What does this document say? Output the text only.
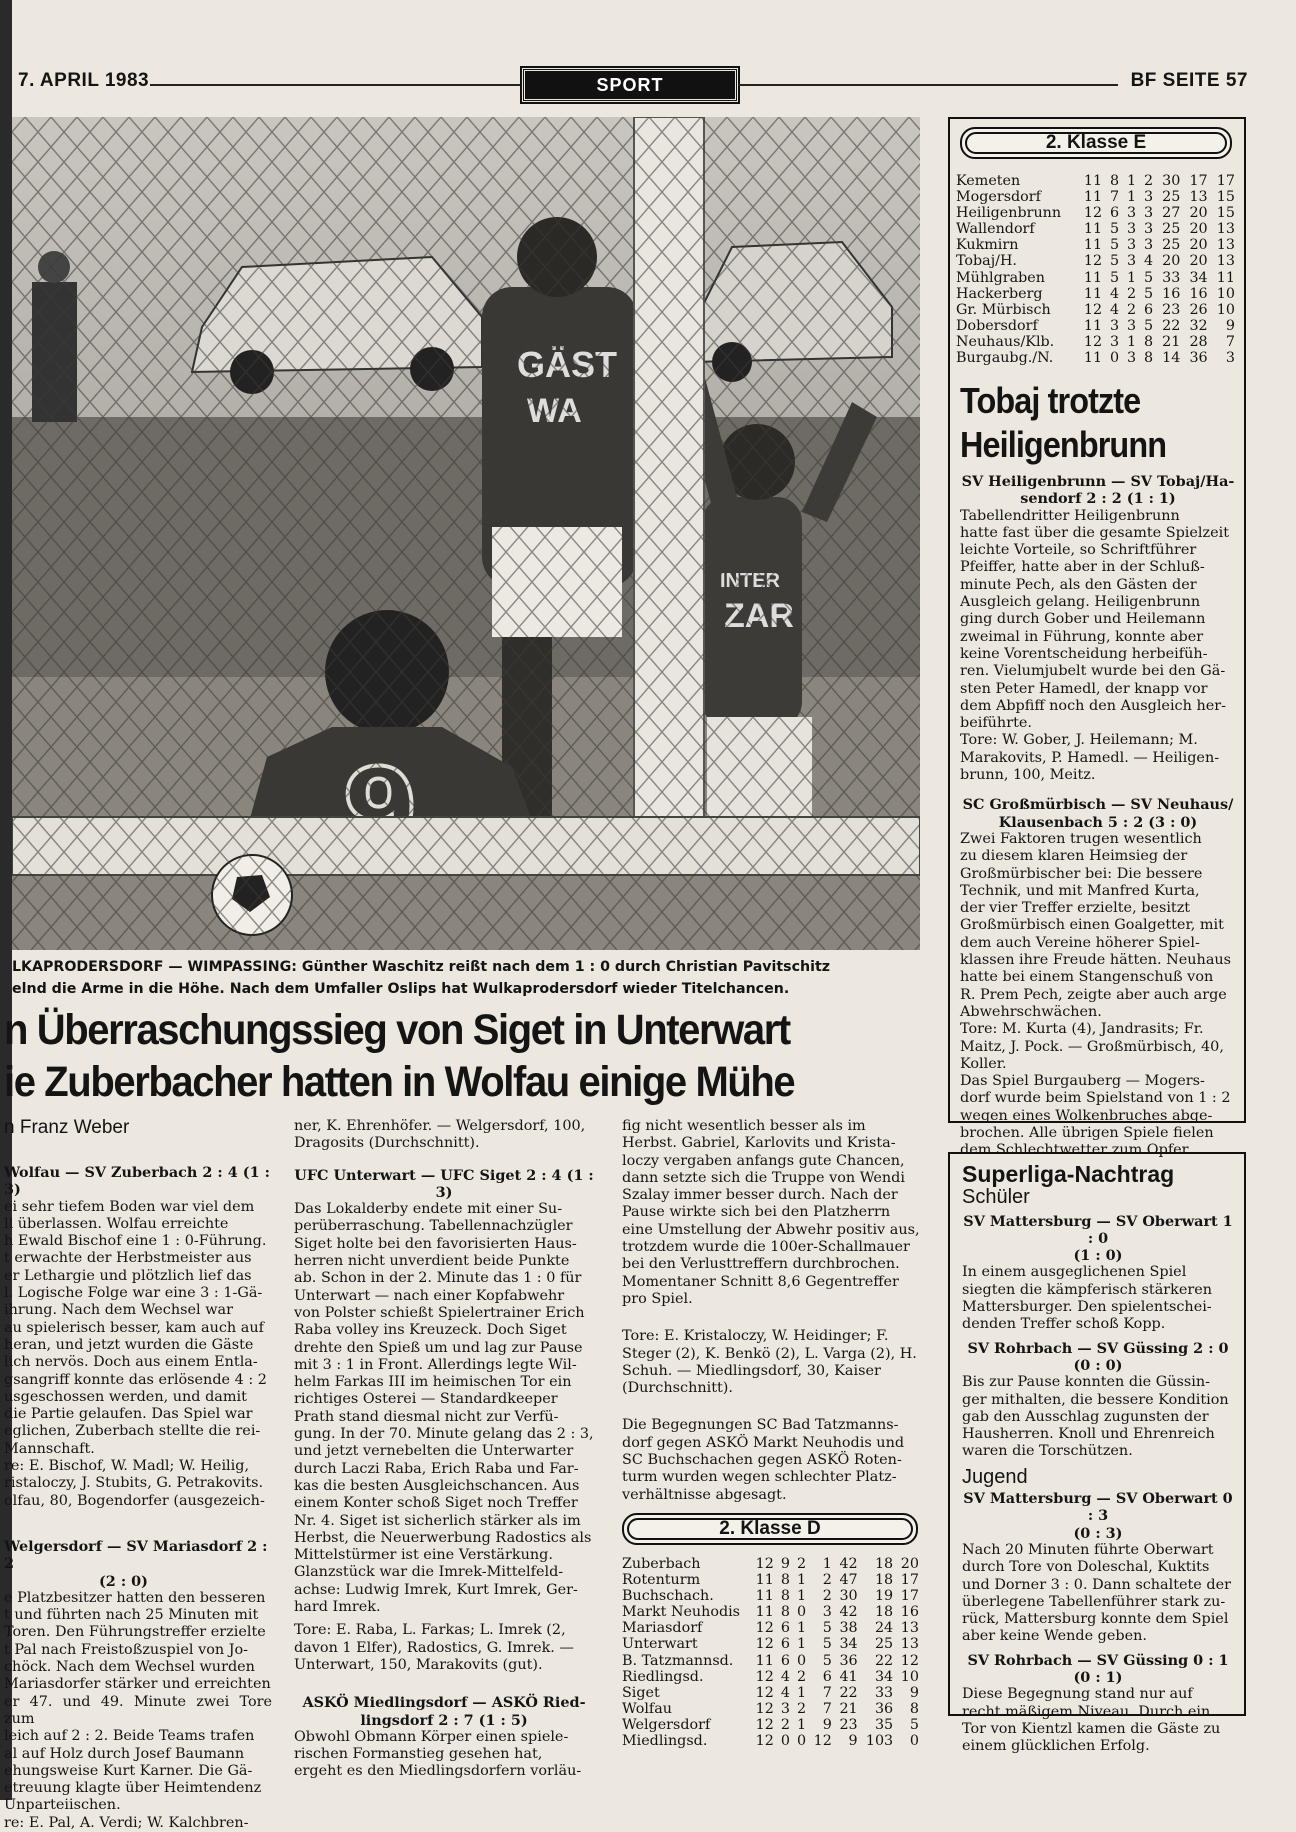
7. APRIL 1983	SPORT	BF SEITE 57
LKAPRODERSDORF — WIMPASSING: Günther Waschitz reißt nach dem 1 : 0 durch Christian Pavitschitz
elnd die Arme in die Höhe. Nach dem Umfaller Oslips hat Wulkaprodersdorf wieder Titelchancen.
n Überraschungssieg von Siget in Unterwart
ie Zuberbacher hatten in Wolfau einige Mühe
n Franz Weber

Wolfau — SV Zuberbach 2 : 4 (1 : 3)

ei sehr tiefem Boden war viel dem
ll überlassen. Wolfau erreichte
h Ewald Bischof eine 1 : 0-Führung.
t erwachte der Herbstmeister aus
er Lethargie und plötzlich lief das
l. Logische Folge war eine 3 : 1-Gä-
ihrung. Nach dem Wechsel war
au spielerisch besser, kam auch auf
heran, und jetzt wurden die Gäste
lich nervös. Doch aus einem Entla-
gsangriff konnte das erlösende 4 : 2
usgeschossen werden, und damit
die Partie gelaufen. Das Spiel war
eglichen, Zuberbach stellte die rei-
Mannschaft.
re: E. Bischof, W. Madl; W. Heilig,
ristaloczy, J. Stubits, G. Petrakovits.
olfau, 80, Bogendorfer (ausgezeich-

Welgersdorf — SV Mariasdorf 2 : 2

(2 : 0)

e Platzbesitzer hatten den besseren
t und führten nach 25 Minuten mit
Toren. Den Führungstreffer erzielte
t Pal nach Freistoßzuspiel von Jo-
chöck. Nach dem Wechsel wurden
Mariasdorfer stärker und erreichten
er 47. und 49. Minute zwei Tore zum
leich auf 2 : 2. Beide Teams trafen
al auf Holz durch Josef Baumann
ehungsweise Kurt Karner. Die Gä-
etreuung klagte über Heimtendenz
Unparteiischen.
re: E. Pal, A. Verdi; W. Kalchbren-
ner, K. Ehrenhöfer. — Welgersdorf, 100,
Dragosits (Durchschnitt).

UFC Unterwart — UFC Siget 2 : 4 (1 : 3)

Das Lokalderby endete mit einer Su-
perüberraschung. Tabellennachzügler
Siget holte bei den favorisierten Haus-
herren nicht unverdient beide Punkte
ab. Schon in der 2. Minute das 1 : 0 für
Unterwart — nach einer Kopfabwehr
von Polster schießt Spielertrainer Erich
Raba volley ins Kreuzeck. Doch Siget
drehte den Spieß um und lag zur Pause
mit 3 : 1 in Front. Allerdings legte Wil-
helm Farkas III im heimischen Tor ein
richtiges Osterei — Standardkeeper
Prath stand diesmal nicht zur Verfü-
gung. In der 70. Minute gelang das 2 : 3,
und jetzt vernebelten die Unterwarter
durch Laczi Raba, Erich Raba und Far-
kas die besten Ausgleichschancen. Aus
einem Konter schoß Siget noch Treffer
Nr. 4. Siget ist sicherlich stärker als im
Herbst, die Neuerwerbung Radostics als
Mittelstürmer ist eine Verstärkung.
Glanzstück war die Imrek-Mittelfeld-
achse: Ludwig Imrek, Kurt Imrek, Ger-
hard Imrek.
Tore: E. Raba, L. Farkas; L. Imrek (2,
davon 1 Elfer), Radostics, G. Imrek. —
Unterwart, 150, Marakovits (gut).

ASKÖ Miedlingsdorf — ASKÖ Ried-

lingsdorf 2 : 7 (1 : 5)

Obwohl Obmann Körper einen spiele-
rischen Formanstieg gesehen hat,
ergeht es den Miedlingsdorfern vorläu-
fig nicht wesentlich besser als im
Herbst. Gabriel, Karlovits und Krista-
loczy vergaben anfangs gute Chancen,
dann setzte sich die Truppe von Wendi
Szalay immer besser durch. Nach der
Pause wirkte sich bei den Platzherrn
eine Umstellung der Abwehr positiv aus,
trotzdem wurde die 100er-Schallmauer
bei den Verlusttreffern durchbrochen.
Momentaner Schnitt 8,6 Gegentreffer
pro Spiel.
Tore: E. Kristaloczy, W. Heidinger; F.
Steger (2), K. Benkö (2), L. Varga (2), H.
Schuh. — Miedlingsdorf, 30, Kaiser
(Durchschnitt).
Die Begegnungen SC Bad Tatzmanns-
dorf gegen ASKÖ Markt Neuhodis und
SC Buchschachen gegen ASKÖ Roten-
turm wurden wegen schlechter Platz-
verhältnisse abgesagt.
2. Klasse D
Zuberbach	12	9	2	1	42	18	20
Rotenturm	11	8	1	2	47	18	17
Buchschach.	11	8	1	2	30	19	17
Markt Neuhodis	11	8	0	3	42	18	16
Mariasdorf	12	6	1	5	38	24	13
Unterwart	12	6	1	5	34	25	13
B. Tatzmannsd.	11	6	0	5	36	22	12
Riedlingsd.	12	4	2	6	41	34	10
Siget	12	4	1	7	22	33	9
Wolfau	12	3	2	7	21	36	8
Welgersdorf	12	2	1	9	23	35	5
Miedlingsd.	12	0	0	12	9	103	0
2. Klasse E
Kemeten	11	8	1	2	30	17	17
Mogersdorf	11	7	1	3	25	13	15
Heiligenbrunn	12	6	3	3	27	20	15
Wallendorf	11	5	3	3	25	20	13
Kukmirn	11	5	3	3	25	20	13
Tobaj/H.	12	5	3	4	20	20	13
Mühlgraben	11	5	1	5	33	34	11
Hackerberg	11	4	2	5	16	16	10
Gr. Mürbisch	12	4	2	6	23	26	10
Dobersdorf	11	3	3	5	22	32	9
Neuhaus/Klb.	12	3	1	8	21	28	7
Burgaubg./N.	11	0	3	8	14	36	3
Tobaj trotzte
Heiligenbrunn

SV Heiligenbrunn — SV Tobaj/Ha-

sendorf 2 : 2 (1 : 1)

Tabellendritter Heiligenbrunn
hatte fast über die gesamte Spielzeit
leichte Vorteile, so Schriftführer
Pfeiffer, hatte aber in der Schluß-
minute Pech, als den Gästen der
Ausgleich gelang. Heiligenbrunn
ging durch Gober und Heilemann
zweimal in Führung, konnte aber
keine Vorentscheidung herbeifüh-
ren. Vielumjubelt wurde bei den Gä-
sten Peter Hamedl, der knapp vor
dem Abpfiff noch den Ausgleich her-
beiführte.
Tore: W. Gober, J. Heilemann; M.
Marakovits, P. Hamedl. — Heiligen-
brunn, 100, Meitz.

SC Großmürbisch — SV Neuhaus/

Klausenbach 5 : 2 (3 : 0)

Zwei Faktoren trugen wesentlich
zu diesem klaren Heimsieg der
Großmürbischer bei: Die bessere
Technik, und mit Manfred Kurta,
der vier Treffer erzielte, besitzt
Großmürbisch einen Goalgetter, mit
dem auch Vereine höherer Spiel-
klassen ihre Freude hätten. Neuhaus
hatte bei einem Stangenschuß von
R. Prem Pech, zeigte aber auch arge
Abwehrschwächen.
Tore: M. Kurta (4), Jandrasits; Fr.
Maitz, J. Pock. — Großmürbisch, 40,
Koller.
Das Spiel Burgauberg — Mogers-
dorf wurde beim Spielstand von 1 : 2
wegen eines Wolkenbruches abge-
brochen. Alle übrigen Spiele fielen
dem Schlechtwetter zum Opfer.
Superliga-Nachtrag
Schüler

SV Mattersburg — SV Oberwart 1 : 0

(1 : 0)

In einem ausgeglichenen Spiel
siegten die kämpferisch stärkeren
Mattersburger. Den spielentschei-
denden Treffer schoß Kopp.

SV Rohrbach — SV Güssing 2 : 0

(0 : 0)

Bis zur Pause konnten die Güssin-
ger mithalten, die bessere Kondition
gab den Ausschlag zugunsten der
Hausherren. Knoll und Ehrenreich
waren die Torschützen.
Jugend

SV Mattersburg — SV Oberwart 0 : 3

(0 : 3)

Nach 20 Minuten führte Oberwart
durch Tore von Doleschal, Kuktits
und Dorner 3 : 0. Dann schaltete der
überlegene Tabellenführer stark zu-
rück, Mattersburg konnte dem Spiel
aber keine Wende geben.

SV Rohrbach — SV Güssing 0 : 1

(0 : 1)

Diese Begegnung stand nur auf
recht mäßigem Niveau. Durch ein
Tor von Kientzl kamen die Gäste zu
einem glücklichen Erfolg.
